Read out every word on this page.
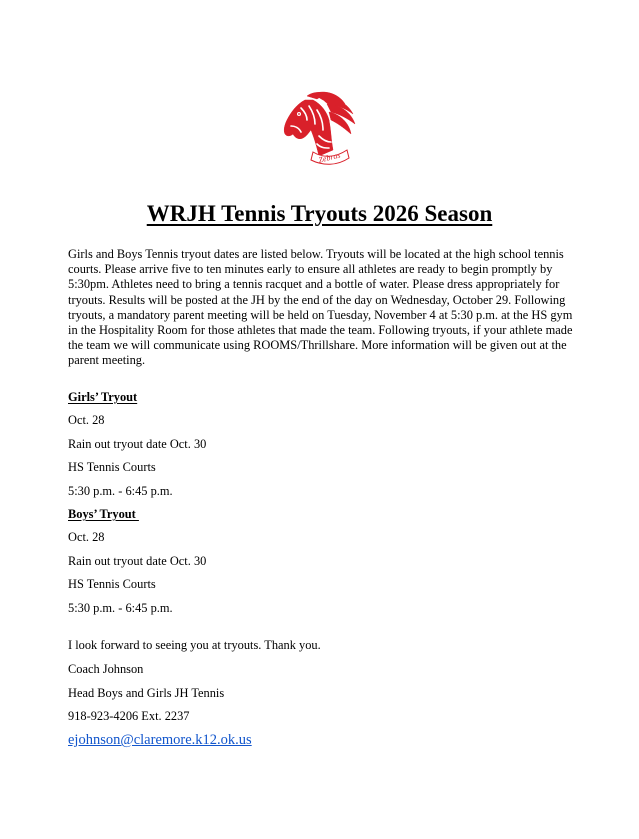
Zebras
WRJH Tennis Tryouts 2026 Season

Girls and Boys Tennis tryout dates are listed below. Tryouts will be located at the high school tennis courts. Please arrive five to ten minutes early to ensure all athletes are ready to begin promptly by 5:30pm. Athletes need to bring a tennis racquet and a bottle of water. Please dress appropriately for tryouts. Results will be posted at the JH by the end of the day on Wednesday, October 29. Following tryouts, a mandatory parent meeting will be held on Tuesday, November 4 at 5:30 p.m. at the HS gym in the Hospitality Room for those athletes that made the team. Following tryouts, if your athlete made the team we will communicate using ROOMS/Thrillshare. More information will be given out at the parent meeting.

Girls’ Tryout
Oct. 28
Rain out tryout date Oct. 30
HS Tennis Courts
5:30 p.m. - 6:45 p.m.
Boys’ Tryout
Oct. 28
Rain out tryout date Oct. 30
HS Tennis Courts
5:30 p.m. - 6:45 p.m.
I look forward to seeing you at tryouts. Thank you.
Coach Johnson
Head Boys and Girls JH Tennis
918-923-4206 Ext. 2237
ejohnson@claremore.k12.ok.us
